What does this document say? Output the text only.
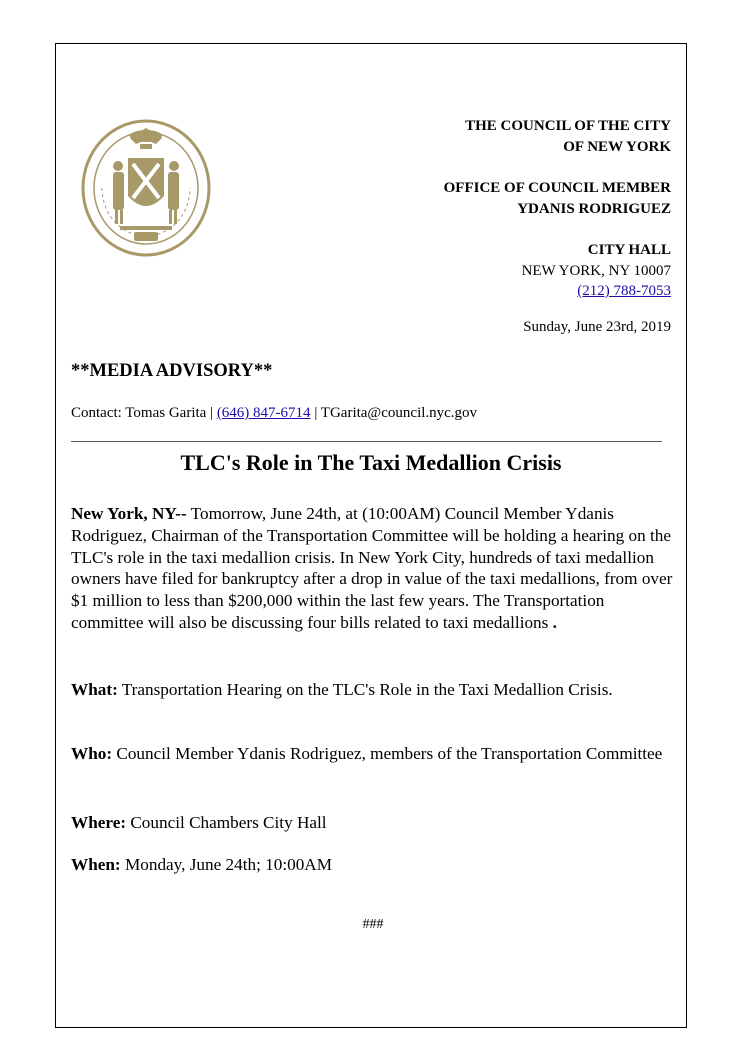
THE COUNCIL OF THE CITY
OF NEW YORK
OFFICE OF COUNCIL MEMBER
YDANIS RODRIGUEZ
CITY HALL
NEW YORK, NY 10007
(212) 788-7053
Sunday, June 23rd, 2019
**MEDIA ADVISORY**
Contact: Tomas Garita | (646) 847-6714 | TGarita@council.nyc.gov
TLC's Role in The Taxi Medallion Crisis
New York, NY-- Tomorrow, June 24th, at (10:00AM) Council Member Ydanis Rodriguez, Chairman of the Transportation Committee will be holding a hearing on the TLC's role in the taxi medallion crisis. In New York City, hundreds of taxi medallion owners have filed for bankruptcy after a drop in value of the taxi medallions, from over $1 million to less than $200,000 within the last few years. The Transportation committee will also be discussing four bills related to taxi medallions .
What: Transportation Hearing on the TLC's Role in the Taxi Medallion Crisis.
Who: Council Member Ydanis Rodriguez, members of the Transportation Committee
Where: Council Chambers City Hall
When: Monday, June 24th; 10:00AM
###
